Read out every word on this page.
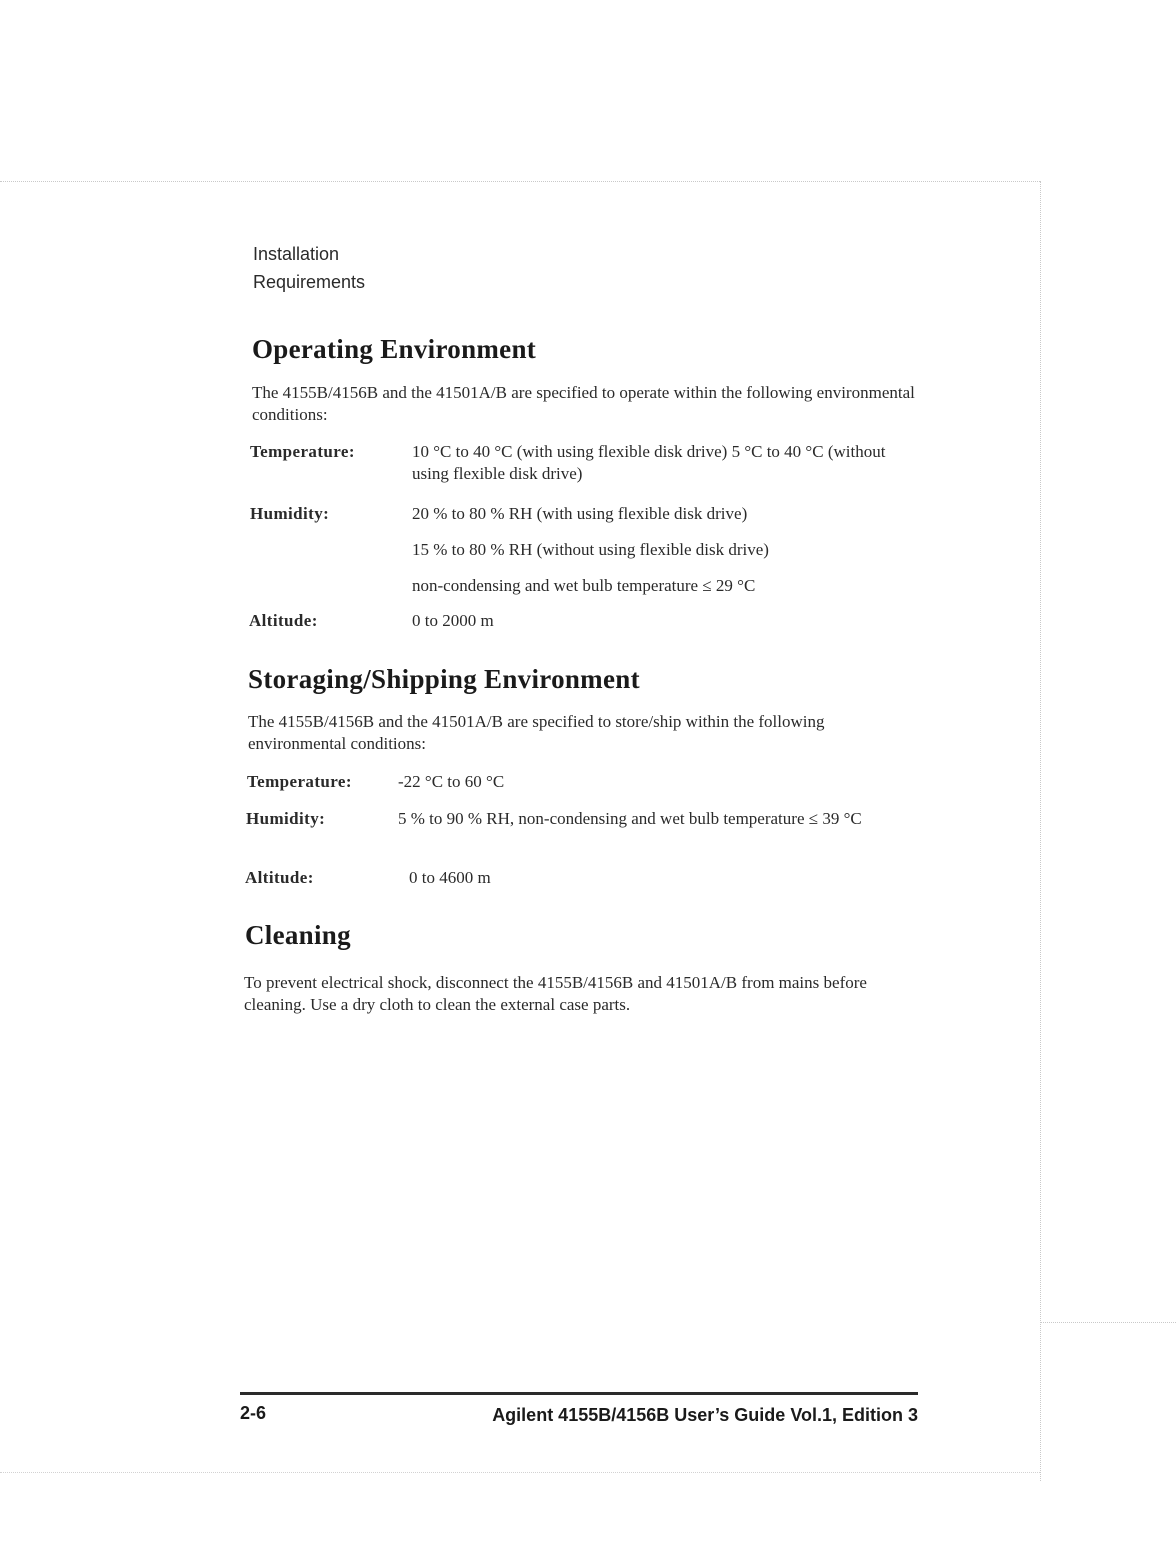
Installation
Requirements
Operating Environment
The 4155B/4156B and the 41501A/B are specified to operate within the following environmental conditions:
Temperature:	10 °C to 40 °C (with using flexible disk drive) 5 °C to 40 °C (without using flexible disk drive)
Humidity:	20 % to 80 % RH (with using flexible disk drive)
15 % to 80 % RH (without using flexible disk drive)
non-condensing and wet bulb temperature ≤ 29 °C
Altitude:	0 to 2000 m
Storaging/Shipping Environment
The 4155B/4156B and the 41501A/B are specified to store/ship within the following environmental conditions:
Temperature:	-22 °C to 60 °C
Humidity:	5 % to 90 % RH, non-condensing and wet bulb temperature ≤ 39 °C
Altitude:	0 to 4600 m
Cleaning
To prevent electrical shock, disconnect the 4155B/4156B and 41501A/B from mains before cleaning. Use a dry cloth to clean the external case parts.
2-6	Agilent 4155B/4156B User’s Guide Vol.1, Edition 3
